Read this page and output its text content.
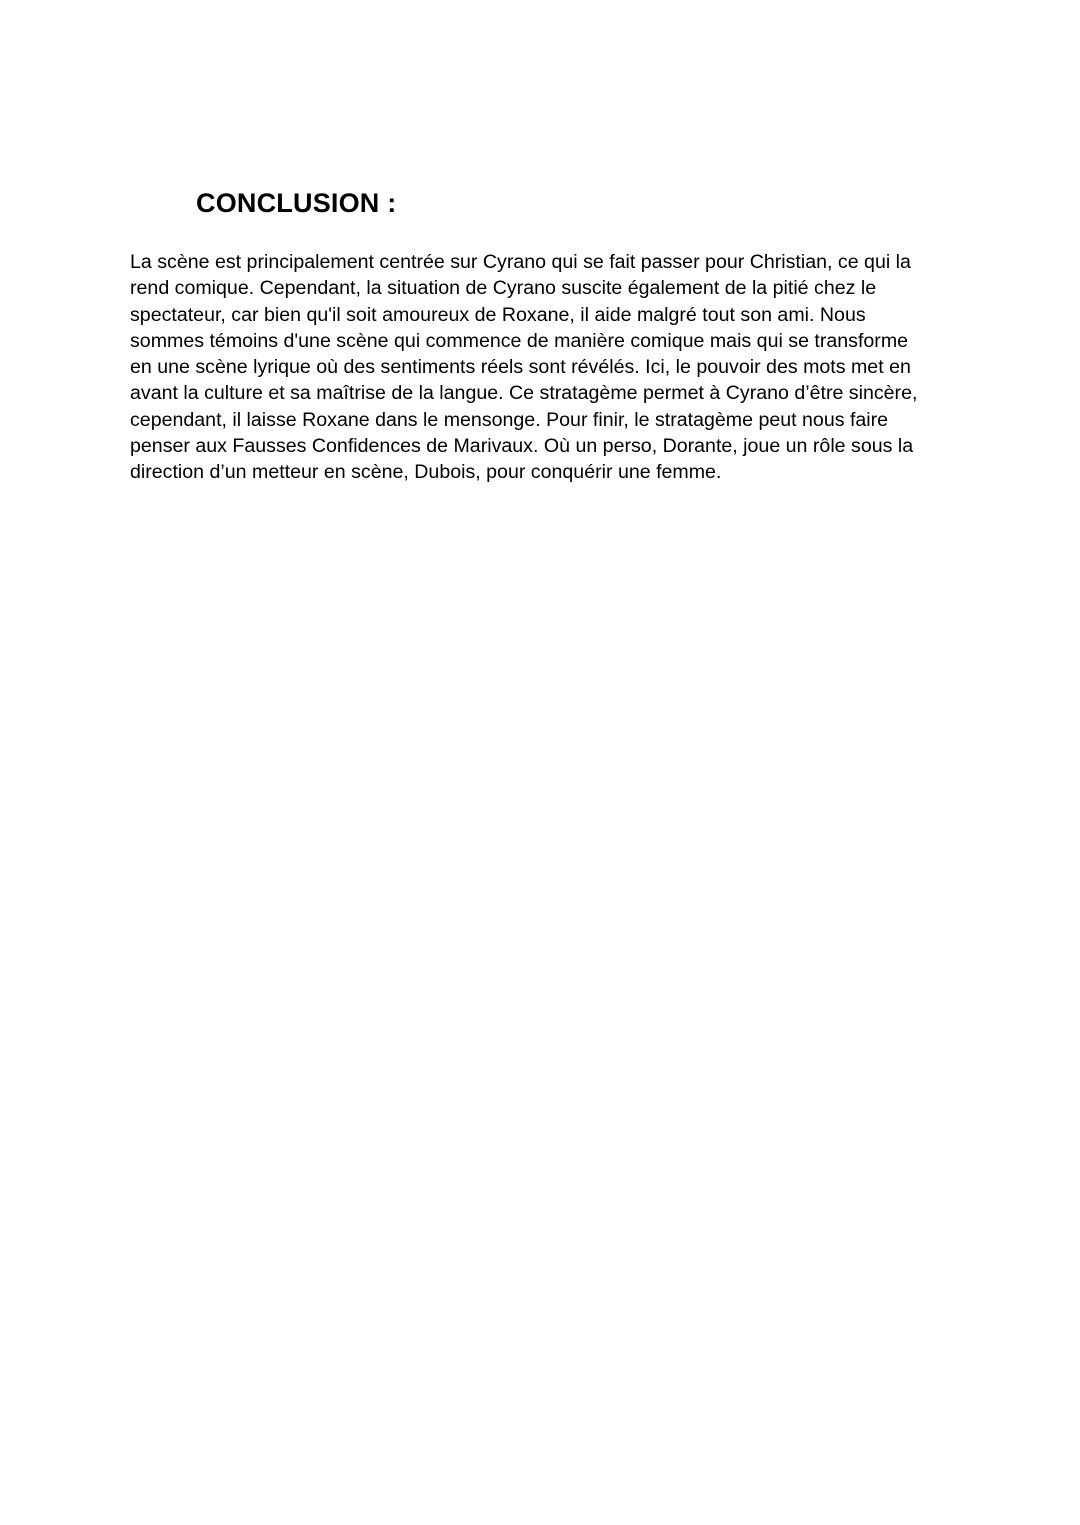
CONCLUSION :

La scène est principalement centrée sur Cyrano qui se fait passer pour Christian, ce qui la
rend comique. Cependant, la situation de Cyrano suscite également de la pitié chez le
spectateur, car bien qu'il soit amoureux de Roxane, il aide malgré tout son ami. Nous
sommes témoins d'une scène qui commence de manière comique mais qui se transforme
en une scène lyrique où des sentiments réels sont révélés. Ici, le pouvoir des mots met en
avant la culture et sa maîtrise de la langue. Ce stratagème permet à Cyrano d’être sincère,
cependant, il laisse Roxane dans le mensonge. Pour finir, le stratagème peut nous faire
penser aux Fausses Confidences de Marivaux. Où un perso, Dorante, joue un rôle sous la
direction d’un metteur en scène, Dubois, pour conquérir une femme.
